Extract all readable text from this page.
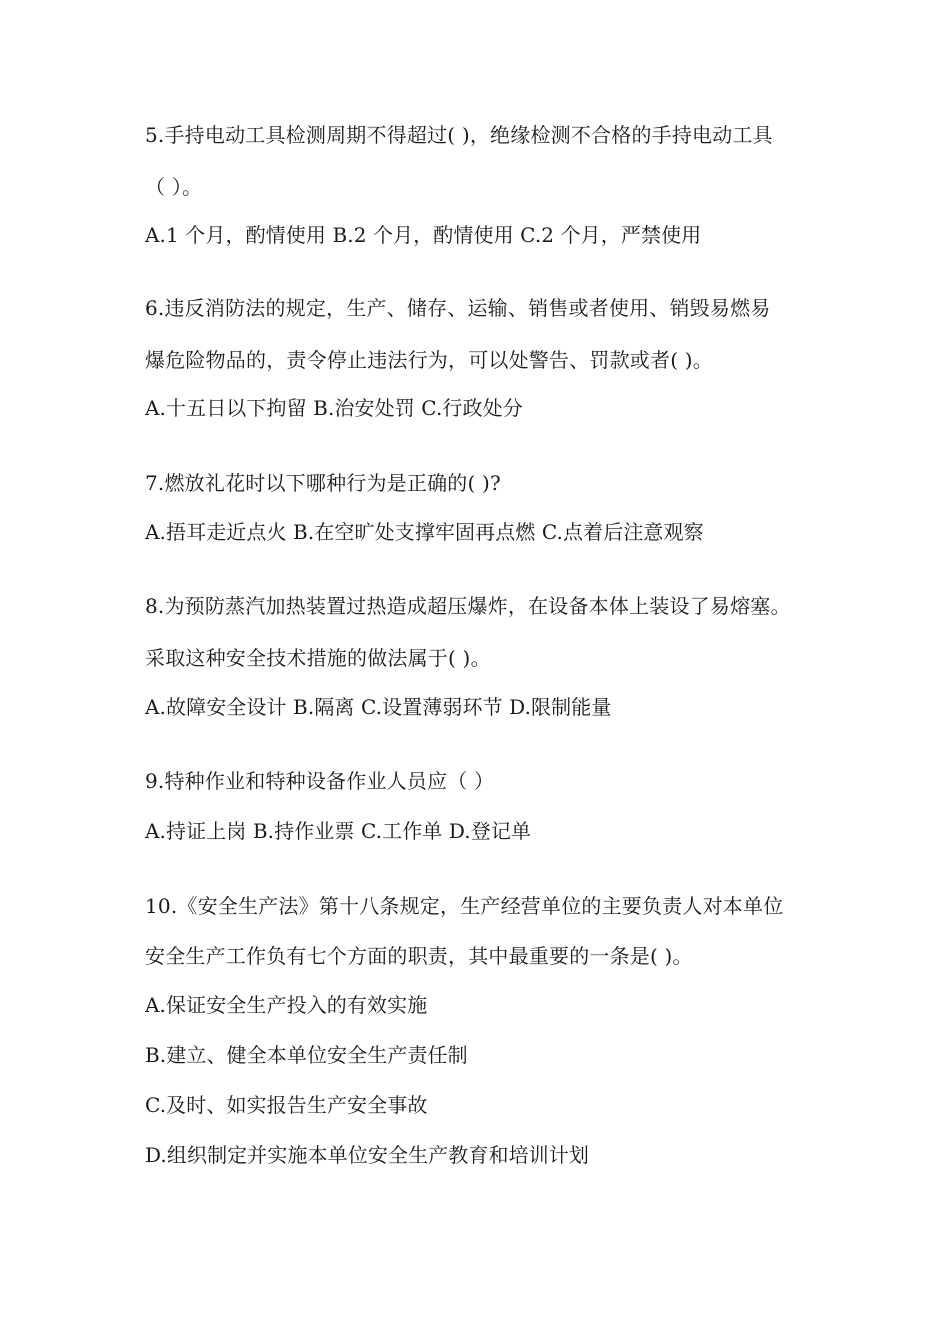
5.手持电动工具检测周期不得超过( )，绝缘检测不合格的手持电动工具
（ ）。
A.1 个月，酌情使用 B.2 个月，酌情使用 C.2 个月，严禁使用
6.违反消防法的规定，生产、储存、运输、销售或者使用、销毁易燃易
爆危险物品的，责令停止违法行为，可以处警告、罚款或者( )。
A.十五日以下拘留 B.治安处罚 C.行政处分
7.燃放礼花时以下哪种行为是正确的( )?
A.捂耳走近点火 B.在空旷处支撑牢固再点燃 C.点着后注意观察
8.为预防蒸汽加热装置过热造成超压爆炸，在设备本体上装设了易熔塞。
采取这种安全技术措施的做法属于( )。
A.故障安全设计 B.隔离 C.设置薄弱环节 D.限制能量
9.特种作业和特种设备作业人员应（ ）
A.持证上岗 B.持作业票 C.工作单 D.登记单
10.《安全生产法》第十八条规定，生产经营单位的主要负责人对本单位
安全生产工作负有七个方面的职责，其中最重要的一条是( )。
A.保证安全生产投入的有效实施
B.建立、健全本单位安全生产责任制
C.及时、如实报告生产安全事故
D.组织制定并实施本单位安全生产教育和培训计划
